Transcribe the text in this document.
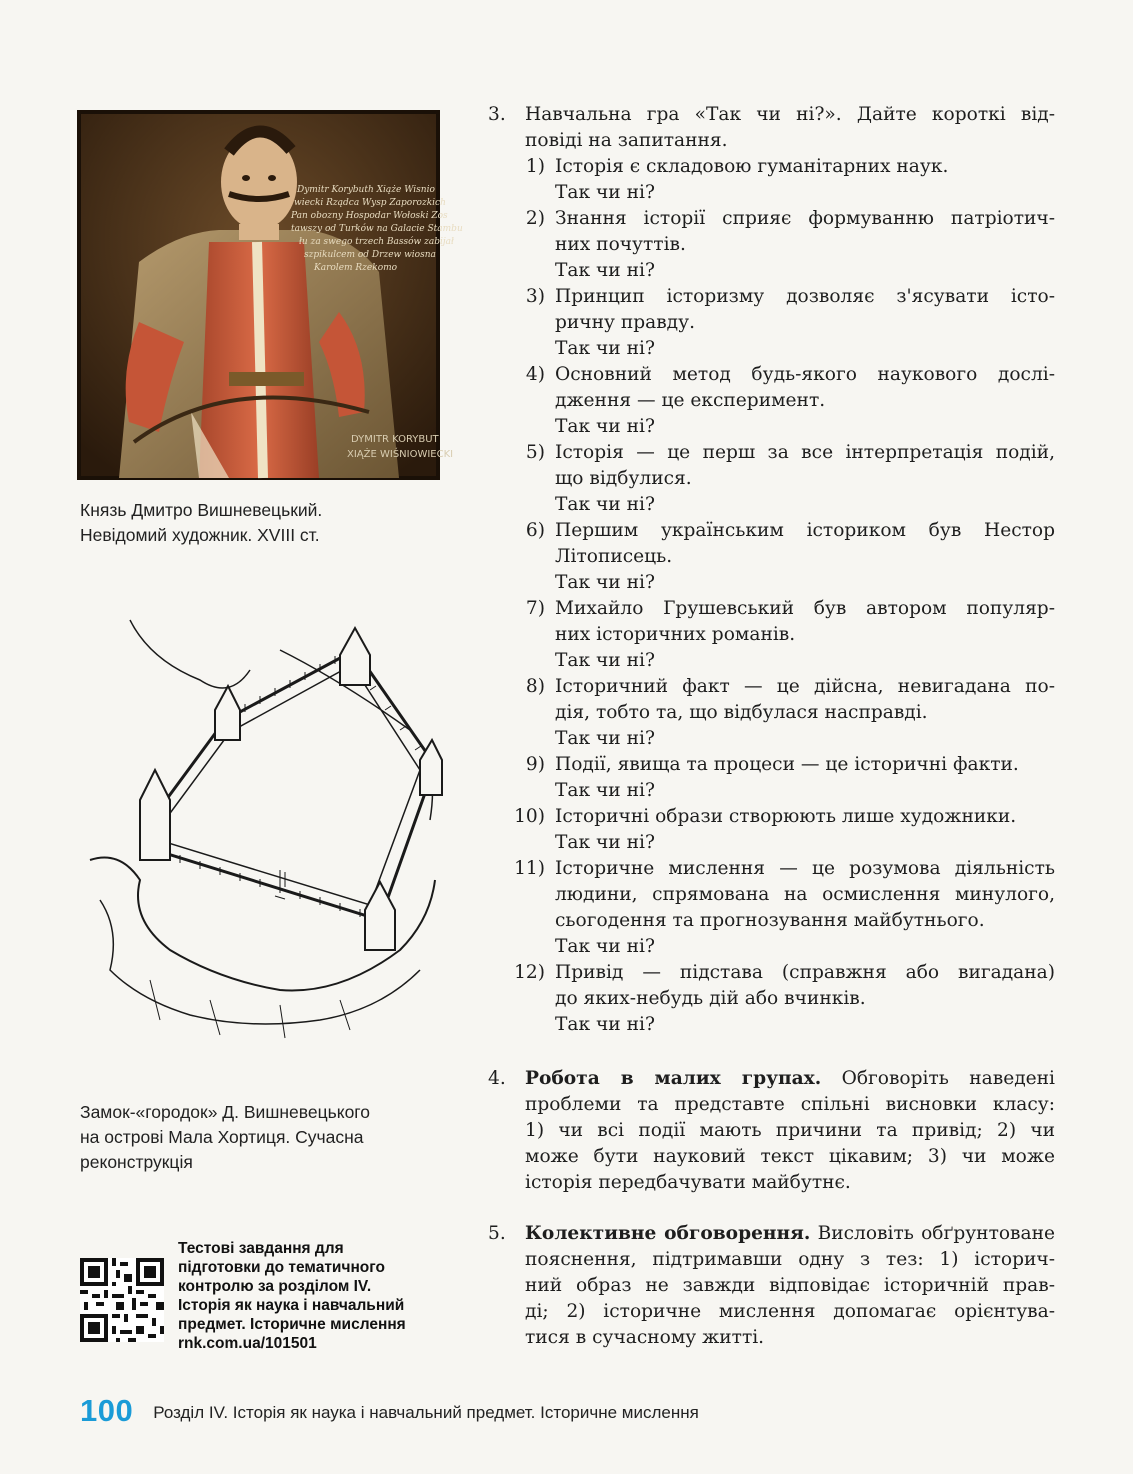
Dymitr Korybuth Xiąże Wisnio
wiecki Rządca Wysp Zaporozkich
Pan obozny Hospodar Wołoski Zos
tawszy od Turków na Galacie Stambu
łu za swego trzech Bassów zabijał
szpikulcem od Drzew wiosna
Karolem Rzekomo
DYMITR KORYBUT
XIĄŻE WIŚNIOWIECKI
Князь Дмитро Вишневецький.
Невідомий художник. XVIII ст.
Замок-«городок» Д. Вишневецького
на острові Мала Хортиця. Сучасна
реконструкція
Тестові завдання для
підготовки до тематичного
контролю за розділом IV.
Історія як наука і навчальний
предмет. Історичне мислення
rnk.com.ua/101501
3. Навчальна гра «Так чи ні?». Дайте короткі від-
повіді на запитання.
1) Історія є складовою гуманітарних наук.
Так чи ні?
2) Знання історії сприяє формуванню патріотич-
них почуттів.
Так чи ні?
3) Принцип історизму дозволяє з'ясувати істо-
ричну правду.
Так чи ні?
4) Основний метод будь-якого наукового дослі-
дження — це експеримент.
Так чи ні?
5) Історія — це перш за все інтерпретація подій,
що відбулися.
Так чи ні?
6) Першим українським істориком був Нестор
Літописець.
Так чи ні?
7) Михайло Грушевський був автором популяр-
них історичних романів.
Так чи ні?
8) Історичний факт — це дійсна, невигадана по-
дія, тобто та, що відбулася насправді.
Так чи ні?
9) Події, явища та процеси — це історичні факти.
Так чи ні?
10) Історичні образи створюють лише художники.
Так чи ні?
11) Історичне мислення — це розумова діяльність
людини, спрямована на осмислення минулого,
сьогодення та прогнозування майбутнього.
Так чи ні?
12) Привід — підстава (справжня або вигадана)
до яких-небудь дій або вчинків.
Так чи ні?
4. Робота в малих групах. Обговоріть наведені
проблеми та представте спільні висновки класу:
1) чи всі події мають причини та привід; 2) чи
може бути науковий текст цікавим; 3) чи може
історія передбачувати майбутнє.
5. Колективне обговорення. Висловіть обґрунтоване
пояснення, підтримавши одну з тез: 1) історич-
ний образ не завжди відповідає історичній прав-
ді; 2) історичне мислення допомагає орієнтува-
тися в сучасному житті.
100 Розділ IV. Історія як наука і навчальний предмет. Історичне мислення
